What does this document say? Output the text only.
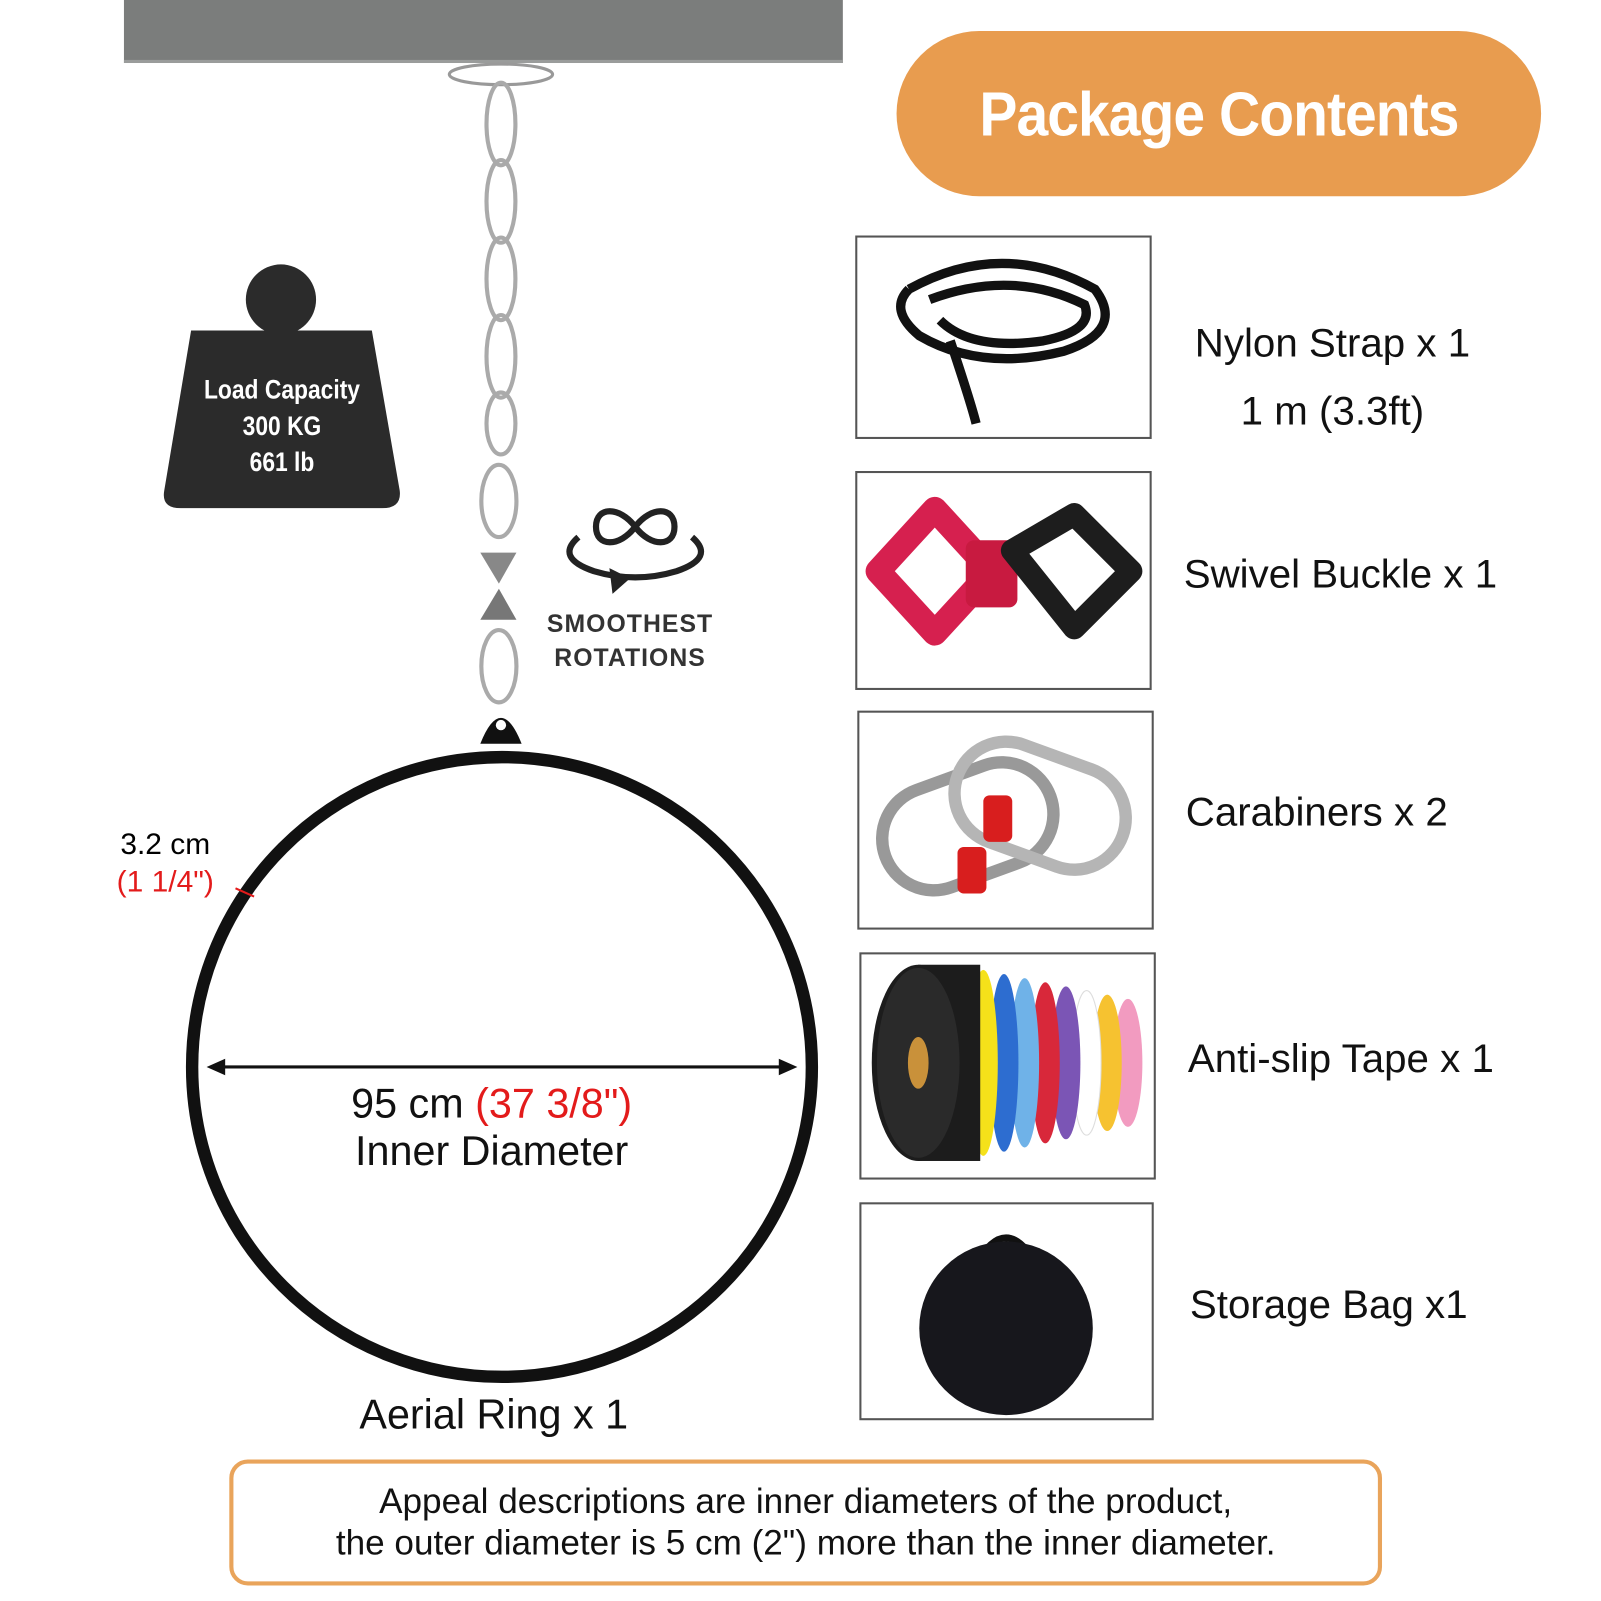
Package Contents
Load Capacity
300 KG
661 lb
SMOOTHEST
ROTATIONS
3.2 cm
(1 1/4")
95 cm (37 3/8")
Inner Diameter
Aerial Ring x 1
Nylon Strap x 1
1 m (3.3ft)
Swivel Buckle x 1
Carabiners x 2
Anti-slip Tape x 1
Storage Bag x1
Appeal descriptions are inner diameters of the product,
the outer diameter is 5 cm (2") more than the inner diameter.
